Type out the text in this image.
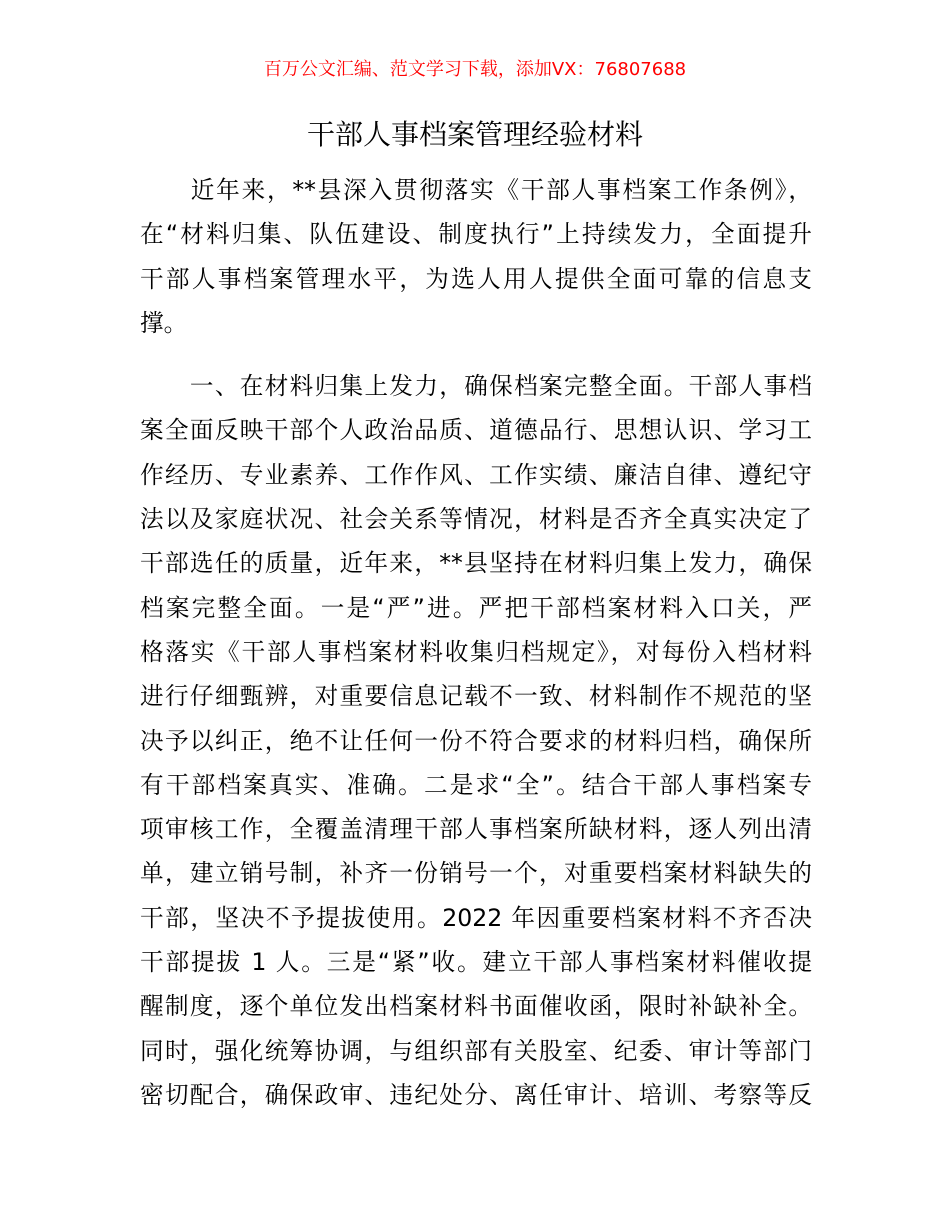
百万公文汇编、范文学习下载，添加VX：76807688
干部人事档案管理经验材料
　　近年来，**县深入贯彻落实《干部人事档案工作条例》，
在“材料归集、队伍建设、制度执行”上持续发力，全面提升
干部人事档案管理水平，为选人用人提供全面可靠的信息支
撑。
　　一、在材料归集上发力，确保档案完整全面。干部人事档
案全面反映干部个人政治品质、道德品行、思想认识、学习工
作经历、专业素养、工作作风、工作实绩、廉洁自律、遵纪守
法以及家庭状况、社会关系等情况，材料是否齐全真实决定了
干部选任的质量，近年来，**县坚持在材料归集上发力，确保
档案完整全面。一是“严”进。严把干部档案材料入口关，严
格落实《干部人事档案材料收集归档规定》，对每份入档材料
进行仔细甄辨，对重要信息记载不一致、材料制作不规范的坚
决予以纠正，绝不让任何一份不符合要求的材料归档，确保所
有干部档案真实、准确。二是求“全”。结合干部人事档案专
项审核工作，全覆盖清理干部人事档案所缺材料，逐人列出清
单，建立销号制，补齐一份销号一个，对重要档案材料缺失的
干部，坚决不予提拔使用。2022 年因重要档案材料不齐否决
干部提拔 1 人。三是“紧”收。建立干部人事档案材料催收提
醒制度，逐个单位发出档案材料书面催收函，限时补缺补全。
同时，强化统筹协调，与组织部有关股室、纪委、审计等部门
密切配合，确保政审、违纪处分、离任审计、培训、考察等反
